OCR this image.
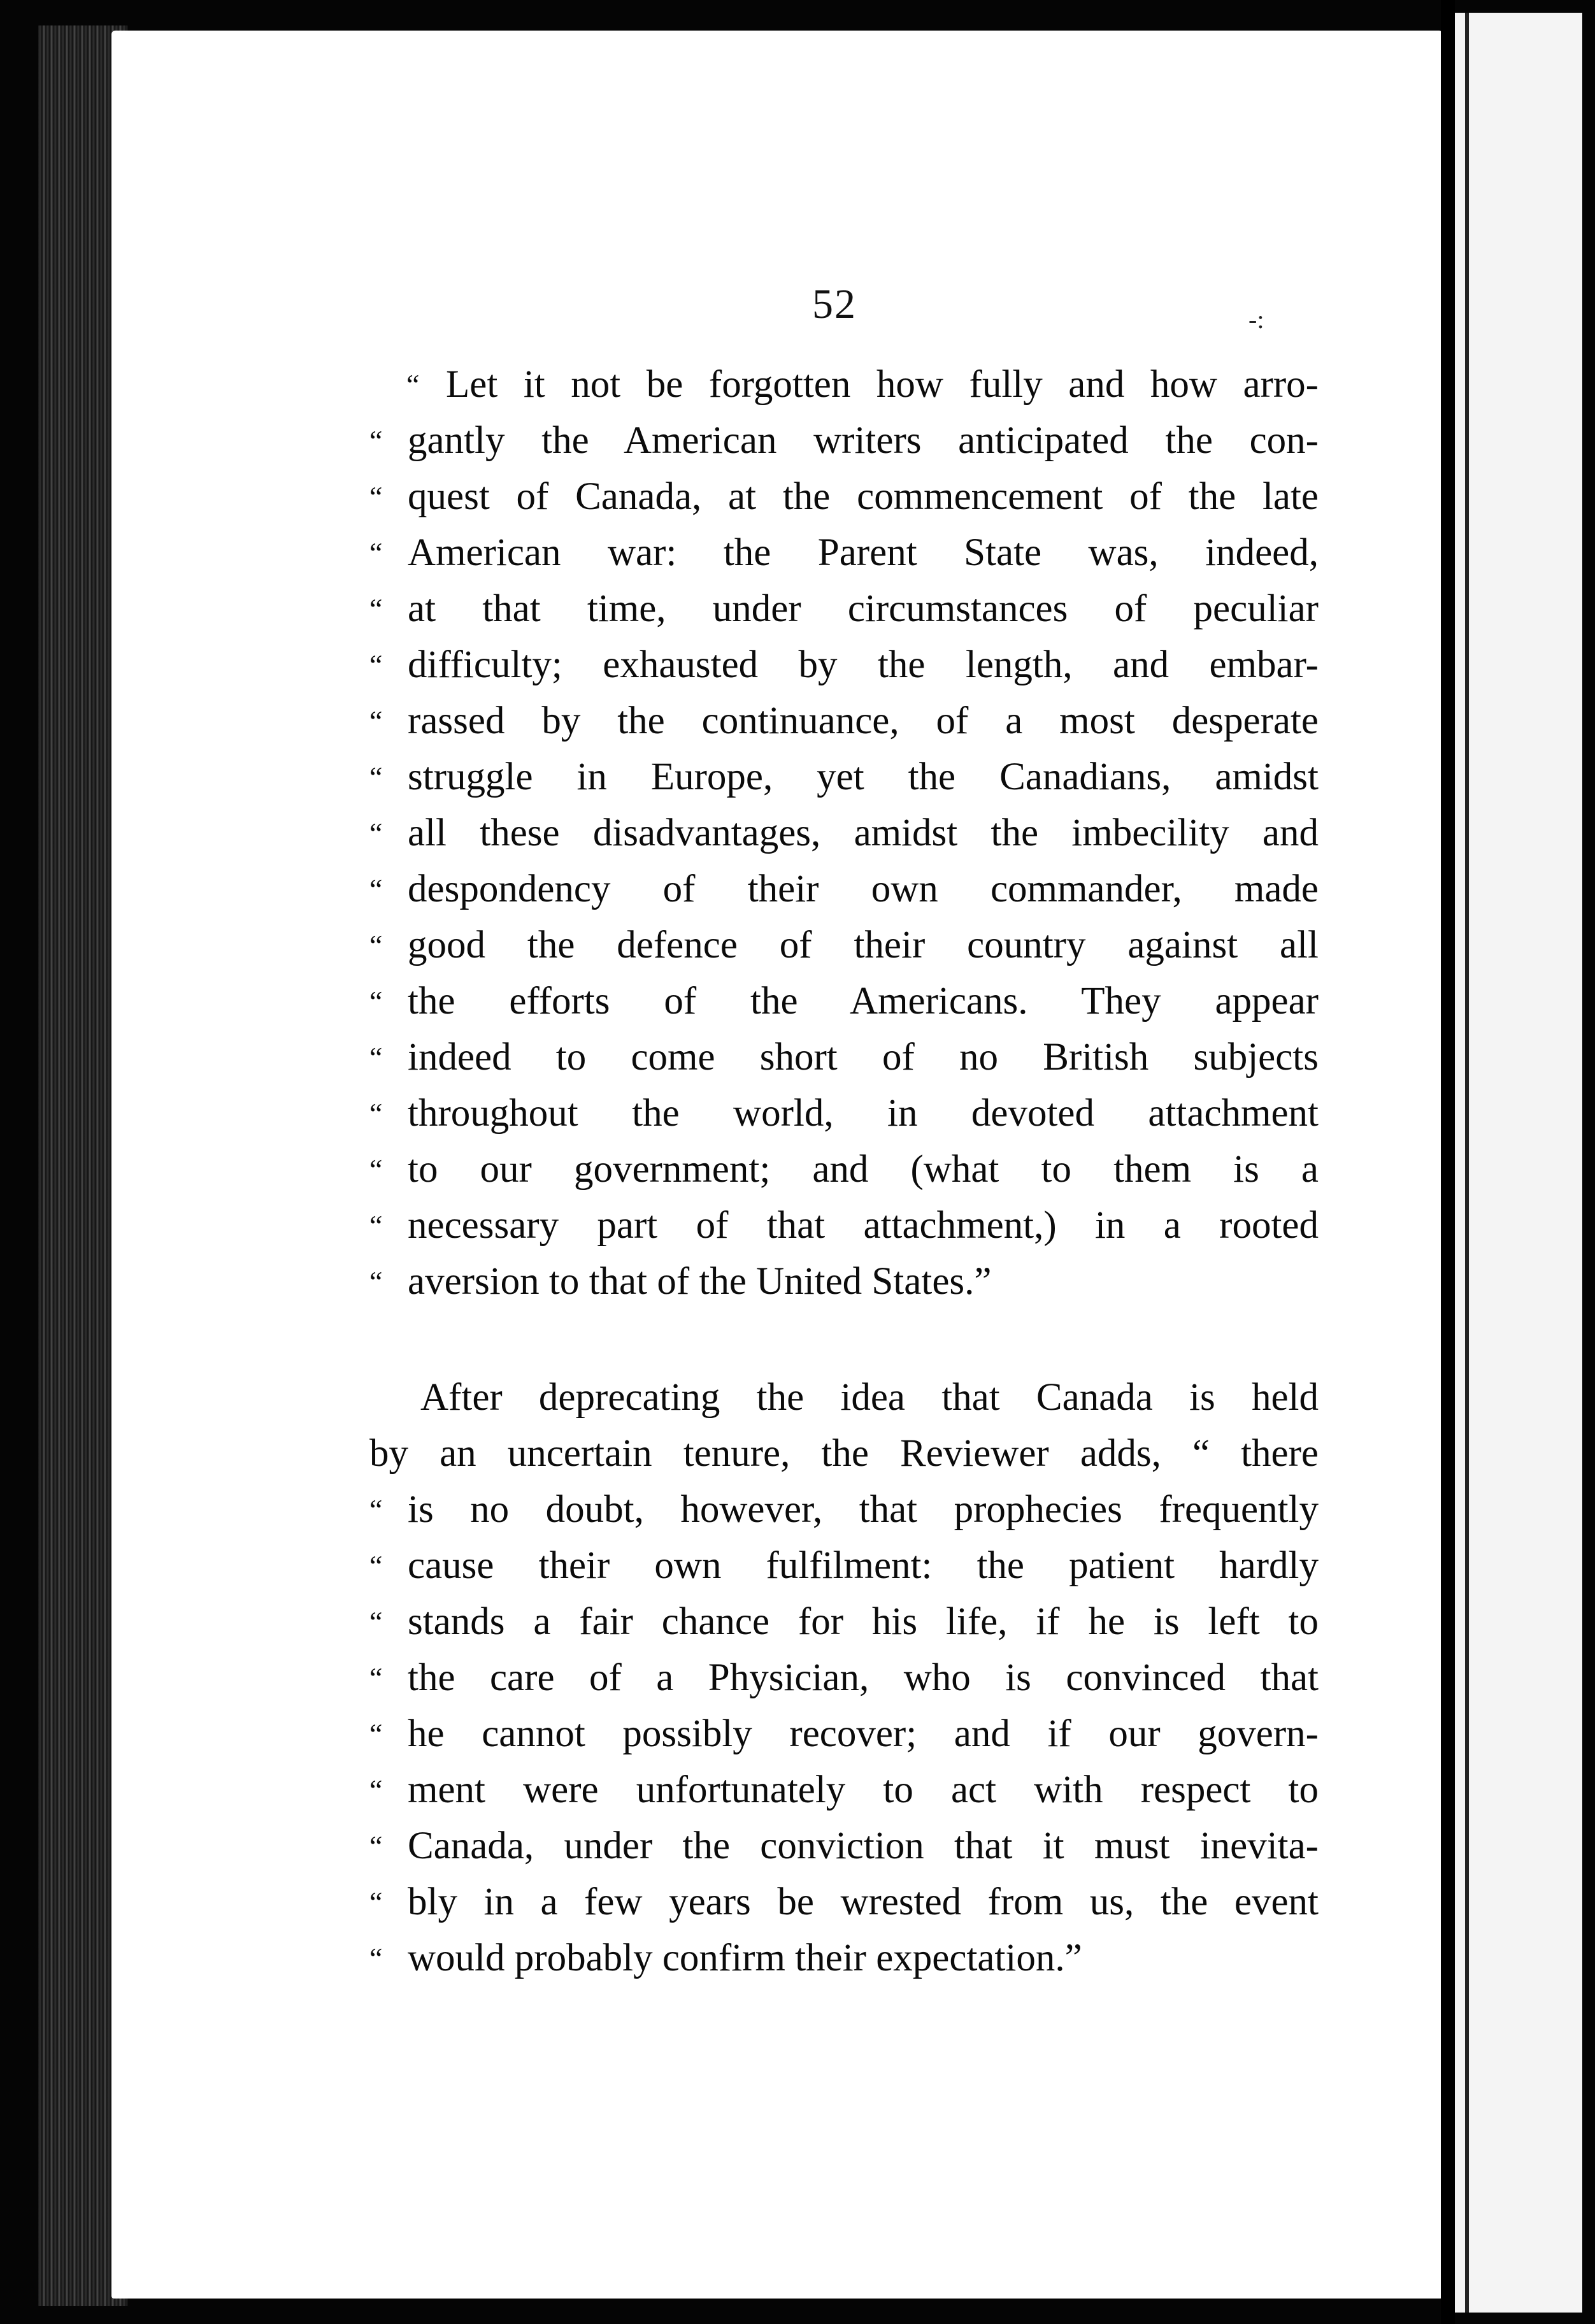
52	-:
“ Let it not be forgotten how fully and how arro-
“ gantly the American writers anticipated the con-
“ quest of Canada, at the commencement of the late
“ American war: the Parent State was, indeed,
“ at that time, under circumstances of peculiar
“ difficulty; exhausted by the length, and embar-
“ rassed by the continuance, of a most desperate
“ struggle in Europe, yet the Canadians, amidst
“ all these disadvantages, amidst the imbecility and
“ despondency of their own commander, made
“ good the defence of their country against all
“ the efforts of the Americans. They appear
“ indeed to come short of no British subjects
“ throughout the world, in devoted attachment
“ to our government; and (what to them is a
“ necessary part of that attachment,) in a rooted
“ aversion to that of the United States.”
After deprecating the idea that Canada is held
by an uncertain tenure, the Reviewer adds, “ there
“ is no doubt, however, that prophecies frequently
“ cause their own fulfilment: the patient hardly
“ stands a fair chance for his life, if he is left to
“ the care of a Physician, who is convinced that
“ he cannot possibly recover; and if our govern-
“ ment were unfortunately to act with respect to
“ Canada, under the conviction that it must inevita-
“ bly in a few years be wrested from us, the event
“ would probably confirm their expectation.”
